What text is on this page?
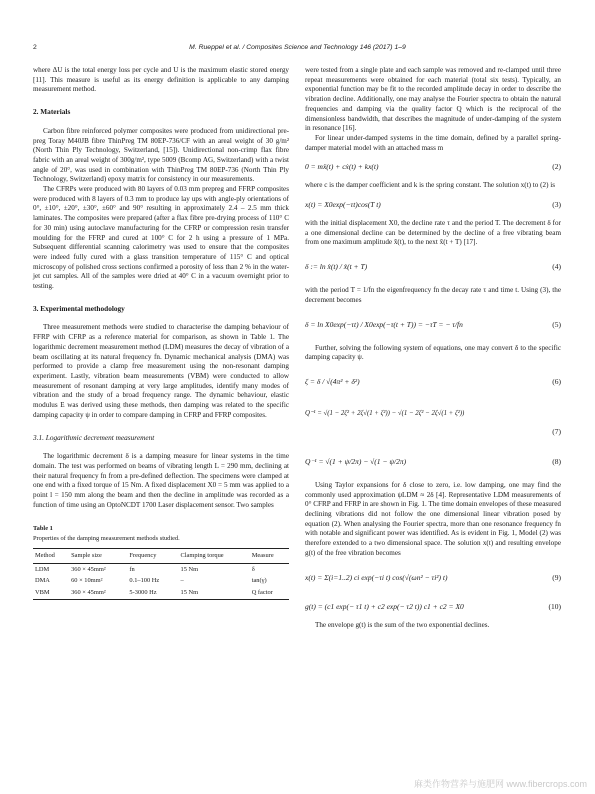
2	M. Rueppel et al. / Composites Science and Technology 146 (2017) 1–9

where ΔU is the total energy loss per cycle and U is the maximum elastic stored energy [11]. This measure is useful as its energy definition is applicable to any damping measurement method.

2. Materials

Carbon fibre reinforced polymer composites were produced from unidirectional pre-preg Toray M40JB fibre ThinPreg TM 80EP-736/CF with an areal weight of 30 g/m² (North Thin Ply Technology, Switzerland, [15]). Unidirectional non-crimp flax fibre fabric with an areal weight of 300g/m², type 5009 (Bcomp AG, Switzerland) with a twist angle of 20°, was used in combination with ThinPreg TM 80EP-736 (North Thin Ply Technology, Switzerland) epoxy matrix for consistency in our measurements.

The CFRPs were produced with 80 layers of 0.03 mm prepreg and FFRP composites were produced with 8 layers of 0.3 mm to produce lay ups with angle-ply orientations of 0°, ±10°, ±20°, ±30°, ±60° and 90° resulting in approximately 2.4 – 2.5 mm thick laminates. The composites were prepared (after a flax fibre pre-drying process of 110° C for 30 min) using autoclave manufacturing for the CFRP or compression resin transfer moulding for the FFRP and cured at 100° C for 2 h using a pressure of 1 MPa. Subsequent differential scanning calorimetry was used to ensure that the composites were indeed fully cured with a glass transition temperature of 115° C and optical microscopy of polished cross sections confirmed a porosity of less than 2 % in the water-jet cut samples. All of the samples were dried at 40° C in a vacuum overnight prior to testing.

3. Experimental methodology

Three measurement methods were studied to characterise the damping behaviour of FFRP with CFRP as a reference material for comparison, as shown in Table 1. The logarithmic decrement measurement method (LDM) measures the decay of vibration of a beam oscillating at its natural frequency fn. Dynamic mechanical analysis (DMA) was performed to provide a clamp free measurement using the non-resonant damping experiment. Lastly, vibration beam measurements (VBM) were conducted to allow measurement of resonant damping at very large amplitudes, identify many modes of vibration and the study of a broad frequency range. The dynamic behaviour, elastic modulus E was derived using these methods, then damping was related to the specific damping capacity ψ in order to compare damping in CFRP and FFRP composites.

3.1. Logarithmic decrement measurement

The logarithmic decrement δ is a damping measure for linear systems in the time domain. The test was performed on beams of vibrating length L = 290 mm, declining at their natural frequency fn from a pre-defined deflection. The specimens were clamped at one end with a fixed torque of 15 Nm. A fixed displacement X0 = 5 mm was applied to a point l = 150 mm along the beam and then the decline in amplitude was recorded as a function of time using an OptoNCDT 1700 Laser displacement sensor. Two samples

Table 1
Properties of the damping measurement methods studied.
Method	Sample size	Frequency	Clamping torque	Measure
LDM	360 × 45mm²	fn	15 Nm	δ
DMA	60 × 10mm²	0.1–100 Hz	–	tan(γ)
VBM	360 × 45mm²	5-3000 Hz	15 Nm	Q factor

were tested from a single plate and each sample was removed and re-clamped until three repeat measurements were obtained for each material (total six tests). Typically, an exponential function may be fit to the recorded amplitude decay in order to describe the vibration decline. Additionally, one may analyse the Fourier spectra to obtain the natural frequencies and damping via the quality factor Q which is the reciprocal of the dimensionless bandwidth, that describes the magnitude of under-damping of the system in resonance [16].

For linear under-damped systems in the time domain, defined by a parallel spring-damper material model with an attached mass m

0 = mẍ(t) + cẋ(t) + kx(t)	(2)

where c is the damper coefficient and k is the spring constant. The solution x(t) to (2) is

x(t) = X0exp(−τt)cos(T t)	(3)

with the initial displacement X0, the decline rate τ and the period T. The decrement δ for a one dimensional decline can be determined by the decline of a free vibrating beam from one maximum amplitude x̂(t), to the next x̂(t + T) [17].

δ := ln x̂(t) / x̂(t + T)	(4)

with the period T = 1/fn the eigenfrequency fn the decay rate τ and time t. Using (3), the decrement becomes

δ = ln X0exp(−τt) / X0exp(−τ(t + T)) = −τT = − τ/fn	(5)

Further, solving the following system of equations, one may convert δ to the specific damping capacity ψ.

ζ = δ / √(4π² + δ²)	(6)
Q⁻¹ = √(1 − 2ζ² + 2ζ√(1 + ζ²)) − √(1 − 2ζ² − 2ζ√(1 + ζ²))
(7)
Q⁻¹ = √(1 + ψ/2π) − √(1 − ψ/2π)	(8)

Using Taylor expansions for δ close to zero, i.e. low damping, one may find the commonly used approximation ψLDM ≈ 2δ [4]. Representative LDM measurements of 0° CFRP and FFRP in are shown in Fig. 1. The time domain envelopes of these measured declining vibrations did not follow the one dimensional linear vibration posed by equation (2). When analysing the Fourier spectra, more than one resonance frequency fn with notable and significant power was identified. As is evident in Fig. 1, Model (2) was therefore extended to a two dimensional space. The solution x(t) and resulting envelope g(t) of the free vibration becomes

x(t) = Σ(i=1..2) ci exp(−τi t) cos(√(ωn² − τi²) t)	(9)
g(t) = (c1 exp(− τ1 t) + c2 exp(− τ2 t)) c1 + c2 = X0	(10)

The envelope g(t) is the sum of the two exponential declines.

麻类作物营养与施肥网 www.fibercrops.com
